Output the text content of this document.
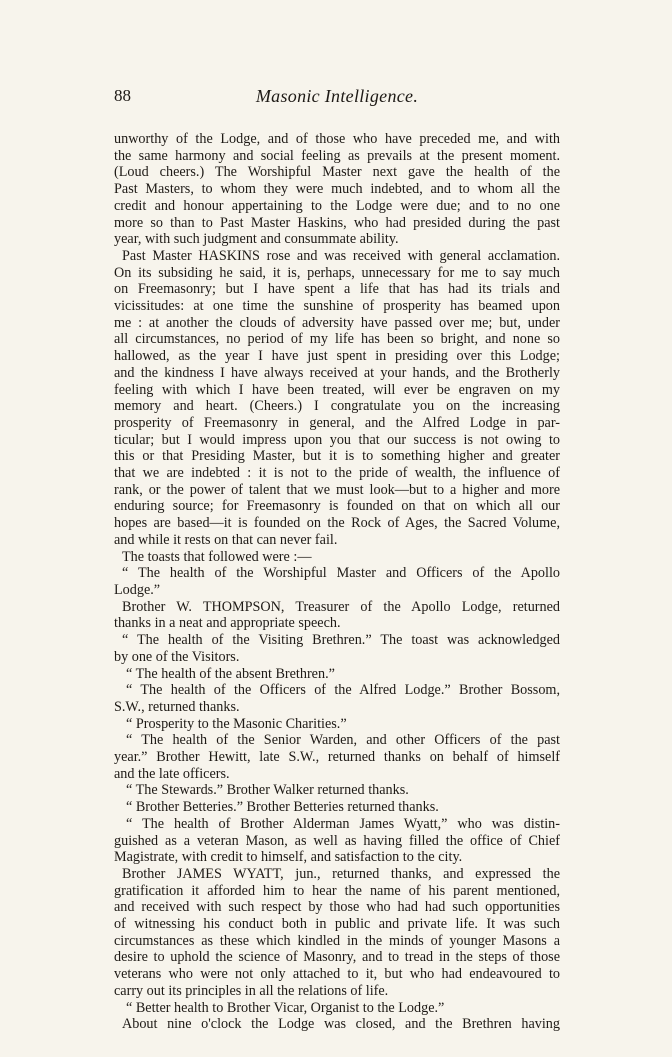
88	Masonic Intelligence.
unworthy of the Lodge, and of those who have preceded me, and with
the same harmony and social feeling as prevails at the present moment.
(Loud cheers.) The Worshipful Master next gave the health of the
Past Masters, to whom they were much indebted, and to whom all the
credit and honour appertaining to the Lodge were due; and to no one
more so than to Past Master Haskins, who had presided during the past
year, with such judgment and consummate ability.
Past Master HASKINS rose and was received with general acclamation.
On its subsiding he said, it is, perhaps, unnecessary for me to say much
on Freemasonry; but I have spent a life that has had its trials and
vicissitudes: at one time the sunshine of prosperity has beamed upon
me : at another the clouds of adversity have passed over me; but, under
all circumstances, no period of my life has been so bright, and none so
hallowed, as the year I have just spent in presiding over this Lodge;
and the kindness I have always received at your hands, and the Brotherly
feeling with which I have been treated, will ever be engraven on my
memory and heart. (Cheers.) I congratulate you on the increasing
prosperity of Freemasonry in general, and the Alfred Lodge in par-
ticular; but I would impress upon you that our success is not owing to
this or that Presiding Master, but it is to something higher and greater
that we are indebted : it is not to the pride of wealth, the influence of
rank, or the power of talent that we must look—but to a higher and more
enduring source; for Freemasonry is founded on that on which all our
hopes are based—it is founded on the Rock of Ages, the Sacred Volume,
and while it rests on that can never fail.
The toasts that followed were :—
“ The health of the Worshipful Master and Officers of the Apollo
Lodge.”
Brother W. THOMPSON, Treasurer of the Apollo Lodge, returned
thanks in a neat and appropriate speech.
“ The health of the Visiting Brethren.” The toast was acknowledged
by one of the Visitors.
“ The health of the absent Brethren.”
“ The health of the Officers of the Alfred Lodge.” Brother Bossom,
S.W., returned thanks.
“ Prosperity to the Masonic Charities.”
“ The health of the Senior Warden, and other Officers of the past
year.” Brother Hewitt, late S.W., returned thanks on behalf of himself
and the late officers.
“ The Stewards.” Brother Walker returned thanks.
“ Brother Betteries.” Brother Betteries returned thanks.
“ The health of Brother Alderman James Wyatt,” who was distin-
guished as a veteran Mason, as well as having filled the office of Chief
Magistrate, with credit to himself, and satisfaction to the city.
Brother JAMES WYATT, jun., returned thanks, and expressed the
gratification it afforded him to hear the name of his parent mentioned,
and received with such respect by those who had had such opportunities
of witnessing his conduct both in public and private life. It was such
circumstances as these which kindled in the minds of younger Masons a
desire to uphold the science of Masonry, and to tread in the steps of those
veterans who were not only attached to it, but who had endeavoured to
carry out its principles in all the relations of life.
“ Better health to Brother Vicar, Organist to the Lodge.”
About nine o'clock the Lodge was closed, and the Brethren having
